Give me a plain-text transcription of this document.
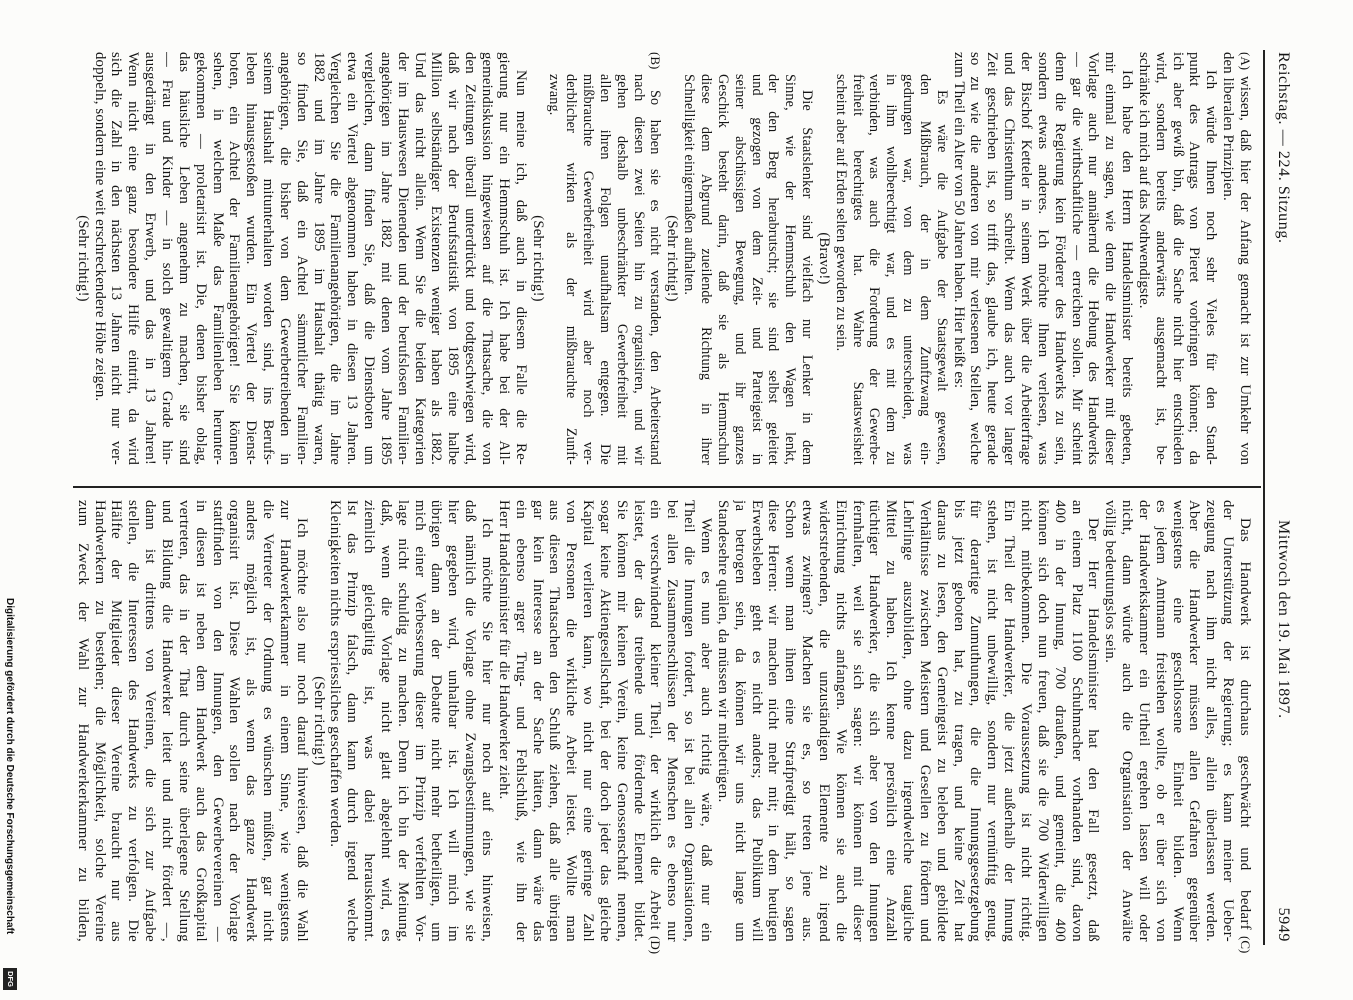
Reichstag. — 224. Sitzung.
Mittwoch den 19. Mai 1897.
5949
wissen, daß hier der Anfang gemacht ist zur Umkehr von
den liberalen Prinzipien.
Ich würde Ihnen noch sehr Vieles für den Stand-
punkt des Antrags von Pieret vorbringen können; da
ich aber gewiß bin, daß die Sache nicht hier entschieden
wird, sondern bereits anderwärts ausgemacht ist, be-
schränke ich mich auf das Nothwendigste.
Ich habe den Herrn Handelsminister bereits gebeten,
mir einmal zu sagen, wie denn die Handwerker mit dieser
Vorlage auch nur annähernd die Hebung des Handwerks
— gar die wirthschaftliche — erreichen sollen. Mir scheint
denn die Regierung kein Förderer des Handwerks zu sein,
sondern etwas anderes. Ich möchte Ihnen verlesen, was
der Bischof Ketteler in seinem Werk über die Arbeiterfrage
und das Christenthum schreibt. Wenn das auch vor langer
Zeit geschrieben ist, so trifft das, glaube ich, heute gerade
so zu wie die anderen von mir verlesenen Stellen, welche
zum Theil ein Alter von 50 Jahren haben. Hier heißt es:
Es wäre die Aufgabe der Staatsgewalt gewesen,
den Mißbrauch, der in dem Zunftzwang ein-
gedrungen war, von dem zu unterscheiden, was
in ihm wohlberechtigt war, und es mit dem zu
verbinden, was auch die Forderung der Gewerbe-
freiheit berechtigtes hat. Wahre Staatsweisheit
scheint aber auf Erden selten geworden zu sein.
(Bravo!)
Die Staatslenker sind vielfach nur Lenker in dem
Sinne, wie der Hemmschuh den Wagen lenkt,
der den Berg herabrutscht; sie sind selbst geleitet
und gezogen von dem Zeit- und Parteigeist in
seiner abschüssigen Bewegung, und ihr ganzes
Geschick besteht darin, daß sie als Hemmschuh
diese dem Abgrund zueilende Richtung in ihrer
Schnelligkeit einigermaßen aufhalten.
(Sehr richtig!)
So haben sie es nicht verstanden, den Arbeiterstand
nach diesen zwei Seiten hin zu organisiren, und wir
gehen deshalb unbeschränkter Gewerbefreiheit mit
allen ihren Folgen unaufhaltsam entgegen. Die
mißbrauchte Gewerbefreiheit wird aber noch ver-
derblicher wirken als der mißbrauchte Zunft-
zwang.
(Sehr richtig!)
Nun meine ich, daß auch in diesem Falle die Re-
gierung nur ein Hemmschuh ist. Ich habe bei der All-
gemeindiskussion hingewiesen auf die Thatsache, die von
den Zeitungen überall unterdrückt und todtgeschwiegen wird,
daß wir nach der Berufsstatistik von 1895 eine halbe
Million selbständiger Existenzen weniger haben als 1882.
Und das nicht allein. Wenn Sie die beiden Kategorien
der im Hauswesen Dienenden und der berufslosen Familien-
angehörigen im Jahre 1882 mit denen vom Jahre 1895
vergleichen, dann finden Sie, daß die Dienstboten um
etwa ein Viertel abgenommen haben in diesen 13 Jahren.
Vergleichen Sie die Familienangehörigen, die im Jahre
1882 und im Jahre 1895 im Haushalt thätig waren,
so finden Sie, daß ein Achtel sämmtlicher Familien-
angehörigen, die bisher von dem Gewerbetreibenden in
seinem Haushalt mitunterhalten worden sind, ins Berufs-
leben hinausgestoßen wurden. Ein Viertel der Dienst-
boten, ein Achtel der Familienangehörigen! Sie können
sehen, in welchem Maße das Familienleben herunter-
gekommen — proletarisirt ist. Die, denen bisher oblag,
das häusliche Leben angenehm zu machen, sie sind
— Frau und Kinder — in solch gewaltigem Grade hin-
ausgedrängt in den Erwerb, und das in 13 Jahren!
Wenn nicht eine ganz besondere Hilfe eintritt, da wird
sich die Zahl in den nächsten 13 Jahren nicht nur ver-
doppeln, sondern eine weit erschreckendere Höhe zeigen.
(Sehr richtig!)
Das Handwerk ist durchaus geschwächt und bedarf
der Unterstützung der Regierung; es kann meiner Ueber-
zeugung nach ihm nicht alles, allein überlassen werden.
Aber die Handwerker müssen allen Gefahren gegenüber
wenigstens eine geschlossene Einheit bilden. Wenn
es jedem Amtmann freistehen wollte, ob er über sich von
der Handwerkskammer ein Urtheil ergehen lassen will oder
nicht, dann würde auch die Organisation der Anwälte
völlig bedeutungslos sein.
Der Herr Handelsminister hat den Fall gesetzt, daß
an einem Platz 1100 Schuhmacher vorhanden sind, davon
400 in der Innung, 700 draußen, und gemeint, die 400
können sich doch nun freuen, daß sie die 700 Widerwilligen
nicht mitbekommen. Die Voraussetzung ist nicht richtig.
Ein Theil der Handwerker, die jetzt außerhalb der Innung
stehen, ist nicht unbewillig, sondern nur vernünftig genug,
für derartige Zumuthungen, die die Innungsgesetzgebung
bis jetzt geboten hat, zu tragen, und keine Zeit hat
daraus zu lesen, den Gemeingeist zu beleben und gebildete
Verhältnisse zwischen Meistern und Gesellen zu fördern und
Lehrlinge auszubilden, ohne dazu irgendwelche taugliche
Mittel zu haben. Ich kenne persönlich eine Anzahl
tüchtiger Handwerker, die sich aber von den Innungen
fernhalten, weil sie sich sagen: wir können mit dieser
Einrichtung nichts anfangen. Wie können sie auch die
widerstrebenden, die unzuständigen Elemente zu irgend
etwas zwingen? Machen sie es, so treten jene aus.
Schon wenn man ihnen eine Strafpredigt hält, so sagen
diese Herren: wir machen nicht mehr mit; in dem heutigen
Erwerbsleben geht es nicht anders; das Publikum will
ja betrogen sein, da können wir uns nicht lange um
Standesehre quälen, da müssen wir mitbetrügen.
Wenn es nun aber auch richtig wäre, daß nur ein
Theil die Innungen fordert, so ist bei allen Organisationen,
bei allen Zusammenschlüssen der Menschen es ebenso nur
ein verschwindend kleiner Theil, der wirklich die Arbeit
leistet, der das treibende und fördernde Element bildet.
Sie können mir keinen Verein, keine Genossenschaft nennen,
sogar keine Aktiengesellschaft, bei der doch jeder das gleiche
Kapital verlieren kann, wo nicht nur eine geringe Zahl
von Personen die wirkliche Arbeit leistet. Wollte man
aus diesen Thatsachen den Schluß ziehen, daß alle übrigen
gar kein Interesse an der Sache hätten, dann wäre das
ein ebenso arger Trug- und Fehlschluß, wie ihn der
Herr Handelsminister für die Handwerker zieht.
Ich möchte Sie hier nur noch auf eins hinweisen,
daß nämlich die Vorlage ohne Zwangsbestimmungen, wie sie
hier gegeben wird, unhaltbar ist. Ich will mich im
übrigen dann an der Debatte nicht mehr betheiligen, um
mich einer Verbesserung dieser im Prinzip verfehlten Vor-
lage nicht schuldig zu machen. Denn ich bin der Meinung,
daß, wenn die Vorlage nicht glatt abgelehnt wird, es
ziemlich gleichgiltig ist, was dabei herauskommt.
Ist das Prinzip falsch, dann kann durch irgend welche
Kleinigkeiten nichts erspriessliches geschaffen werden.
(Sehr richtig!)
Ich möchte also nur noch darauf hinweisen, daß die Wahl
zur Handwerkerkammer in einem Sinne, wie wenigstens
die Vertreter der Ordnung es wünschen müßten, gar nicht
anders möglich ist, als wenn das ganze Handwerk
organisirt ist. Diese Wahlen sollen nach der Vorlage
stattfinden von den Innungen, den Gewerbevereinen —
in diesen ist neben dem Handwerk auch das Großkapital
vertreten, das in der That durch seine überlegene Stellung
und Bildung die Handwerker leitet und nicht fördert —,
dann ist drittens von Vereinen, die sich zur Aufgabe
stellen, die Interessen des Handwerks zu verfolgen. Die
Hälfte der Mitglieder dieser Vereine braucht nur aus
Handwerkern zu bestehen; die Möglichkeit, solche Vereine
zum Zweck der Wahl zur Handwerkerkammer zu bilden,
(A)
(B)
(C)
(D)
Digitalisierung gefördert durch die Deutsche Forschungsgemeinschaft
DFG
